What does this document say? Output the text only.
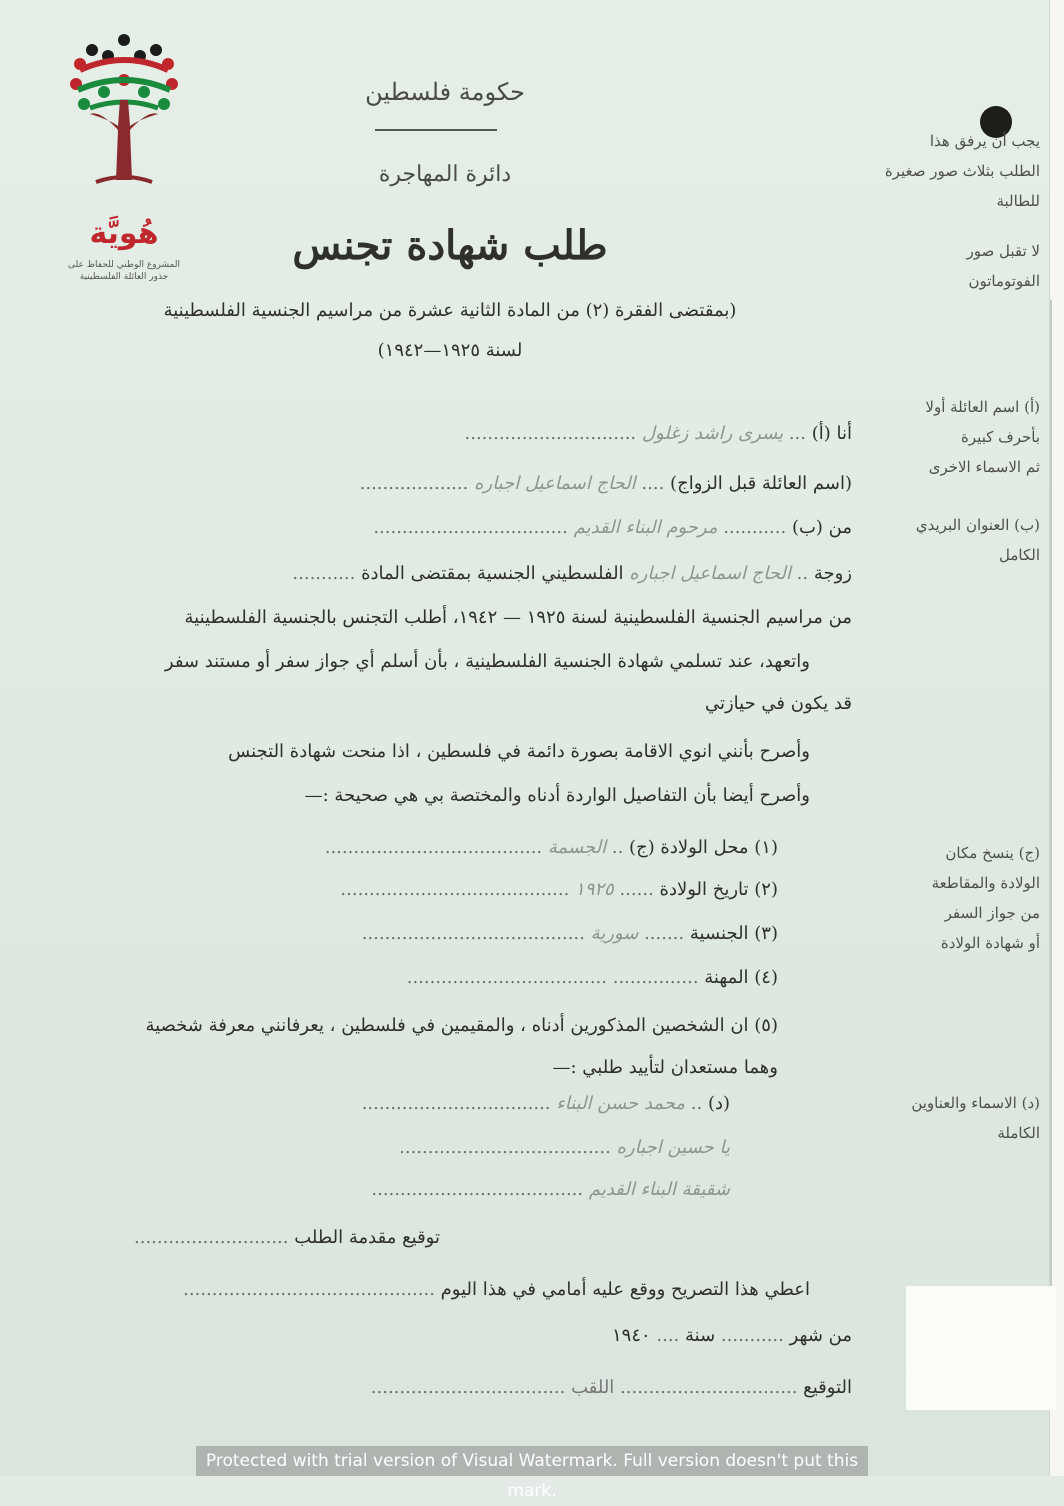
هُويَّة
المشروع الوطني للحفاظ على
جذور العائلة الفلسطينية
حكومة فلسطين
دائرة المهاجرة
طلب شهادة تجنس
(بمقتضى الفقرة (٢) من المادة الثانية عشرة من مراسيم الجنسية الفلسطينية
لسنة ١٩٢٥—١٩٤٢)
يجب أن يرفق هذا
الطلب بثلاث صور صغيرة
للطالبة
لا تقبل صور
الفوتوماتون
(أ) اسم العائلة أولا
بأحرف كبيرة
ثم الاسماء الاخرى
(ب) العنوان البريدي
الكامل
(ج) ينسخ مكان
الولادة والمقاطعة
من جواز السفر
أو شهادة الولادة
(د) الاسماء والعناوين
الكاملة
أنا (أ) ... يسرى راشد زغلول ..............................
(اسم العائلة قبل الزواج) .... الحاج اسماعيل اجباره ...................
من (ب) ........... مرحوم البناء القديم ..................................
زوجة .. الحاج اسماعيل اجباره الفلسطيني الجنسية بمقتضى المادة ...........
من مراسيم الجنسية الفلسطينية لسنة ١٩٢٥ — ١٩٤٢، أطلب التجنس بالجنسية الفلسطينية
واتعهد، عند تسلمي شهادة الجنسية الفلسطينية ، بأن أسلم أي جواز سفر أو مستند سفر
قد يكون في حيازتي
وأصرح بأنني انوي الاقامة بصورة دائمة في فلسطين ، اذا منحت شهادة التجنس
وأصرح أيضا بأن التفاصيل الواردة أدناه والمختصة بي هي صحيحة :—
(١) محل الولادة (ج) .. الجسمة ......................................
(٢) تاريخ الولادة ...... ١٩٢٥ ........................................
(٣) الجنسية ....... سورية .......................................
(٤) المهنة ............... ...................................
(٥) ان الشخصين المذكورين أدناه ، والمقيمين في فلسطين ، يعرفانني معرفة شخصية
وهما مستعدان لتأييد طلبي :—
(د) .. محمد حسن البناء .................................
يا حسين اجباره .....................................
شقيقة البناء القديم .....................................
توقيع مقدمة الطلب ...........................
اعطي هذا التصريح ووقع عليه أمامي في هذا اليوم ............................................
من شهر ........... سنة .... ١٩٤٠
التوقيع ............................... اللقب ..................................
Protected with trial version of Visual Watermark. Full version doesn't put this mark.
